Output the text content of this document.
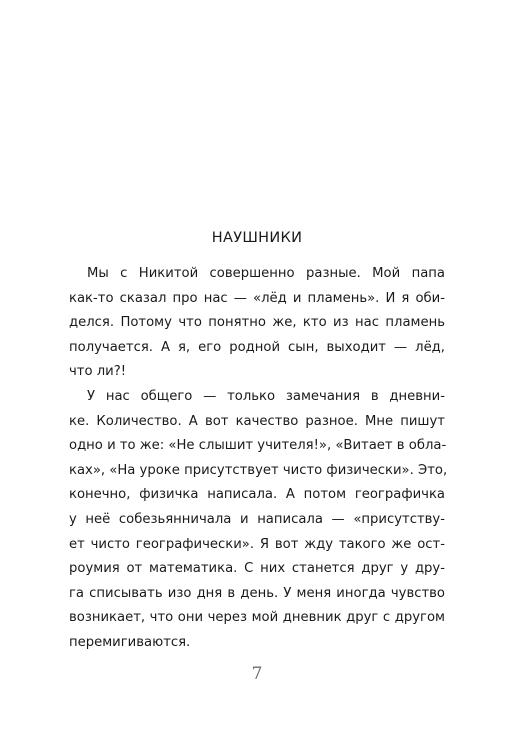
НАУШНИКИ
Мы с Никитой совершенно разные. Мой папа
как-то сказал про нас — «лёд и пламень». И я оби-
делся. Потому что понятно же, кто из нас пламень
получается. А я, его родной сын, выходит — лёд,
что ли?!
У нас общего — только замечания в дневни-
ке. Количество. А вот качество разное. Мне пишут
одно и то же: «Не слышит учителя!», «Витает в обла-
ках», «На уроке присутствует чисто физически». Это,
конечно, физичка написала. А потом географичка
у неё собезьянничала и написала — «присутству-
ет чисто географически». Я вот жду такого же ост-
роумия от математика. С них станется друг у дру-
га списывать изо дня в день. У меня иногда чувство
возникает, что они через мой дневник друг с другом
перемигиваются.
7
